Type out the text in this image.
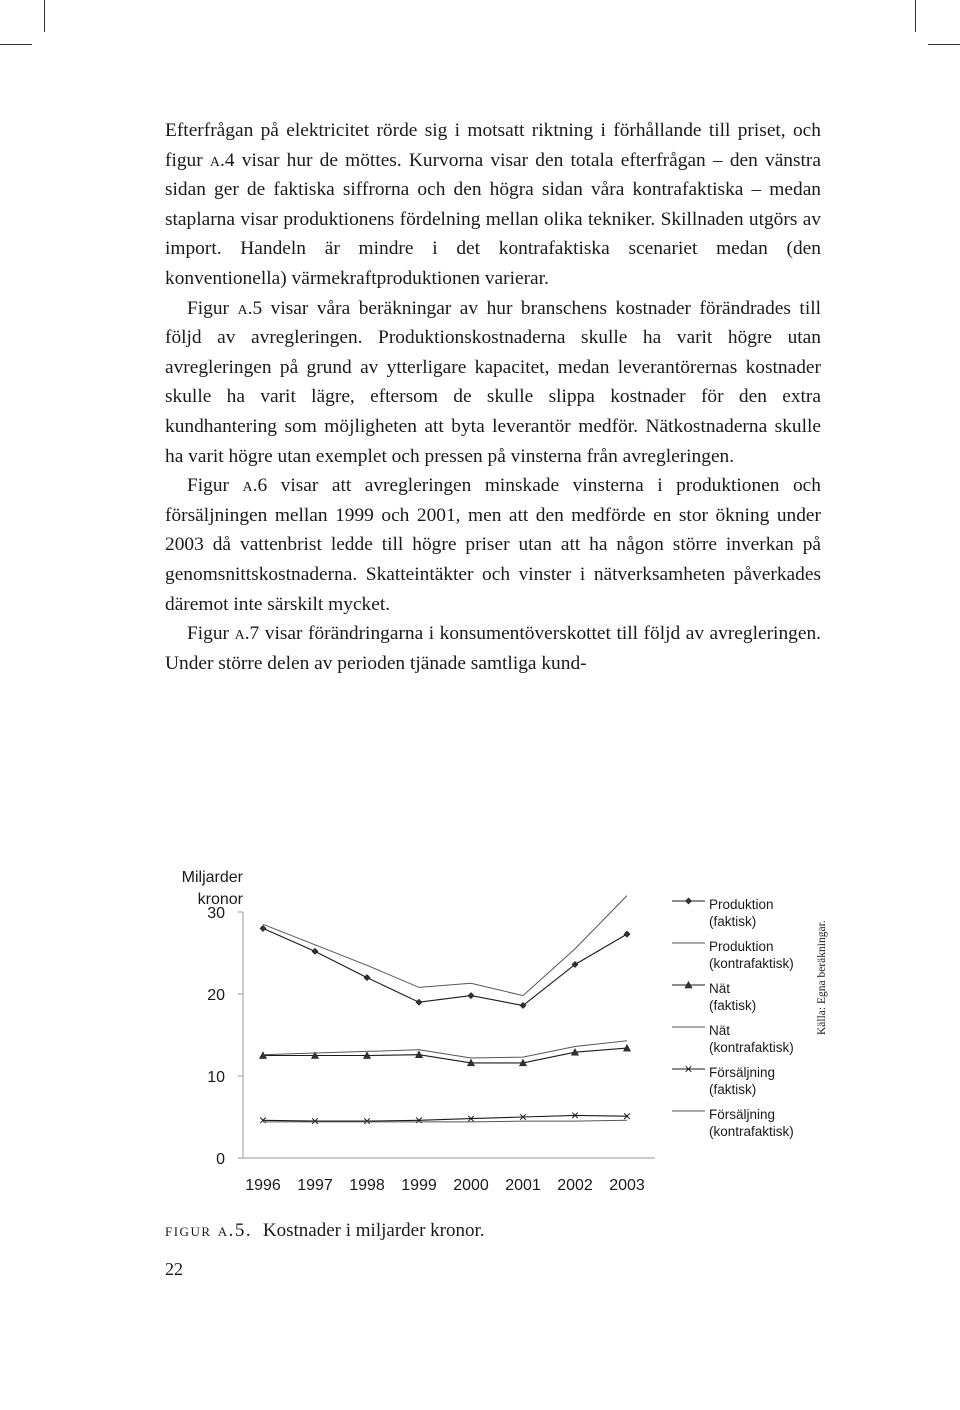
Efterfrågan på elektricitet rörde sig i motsatt riktning i förhållande till priset, och figur a.4 visar hur de möttes. Kurvorna visar den totala efterfrågan – den vänstra sidan ger de faktiska siffrorna och den högra sidan våra kontrafaktiska – medan staplarna visar produktionens fördelning mellan olika tekniker. Skillnaden utgörs av import. Handeln är mindre i det kontrafaktiska scenariet medan (den konventionella) värmekraftproduktionen varierar.

Figur a.5 visar våra beräkningar av hur branschens kostnader förändrades till följd av avregleringen. Produktionskostnaderna skulle ha varit högre utan avregleringen på grund av ytterligare kapacitet, medan leverantörernas kostnader skulle ha varit lägre, eftersom de skulle slippa kostnader för den extra kundhantering som möjligheten att byta leverantör medför. Nätkostnaderna skulle ha varit högre utan exemplet och pressen på vinsterna från avregleringen.

Figur a.6 visar att avregleringen minskade vinsterna i produktionen och försäljningen mellan 1999 och 2001, men att den medförde en stor ökning under 2003 då vattenbrist ledde till högre priser utan att ha någon större inverkan på genomsnittskostnaderna. Skatteintäkter och vinster i nätverksamheten påverkades däremot inte särskilt mycket.

Figur a.7 visar förändringarna i konsumentöverskottet till följd av avregleringen. Under större delen av perioden tjänade samtliga kund-

0
10
20
30
1996 1997 1998 1999 2000 2001 2002 2003
Miljarder
kronor	Produktion
(faktisk)
Produktion
(kontrafaktisk)
Nät
(faktisk)
Nät
(kontrafaktisk)
Försäljning
(faktisk)
Försäljning
(kontrafaktisk)
Källa: Egna beräkningar.
figur a.5. Kostnader i miljarder kronor.
22
